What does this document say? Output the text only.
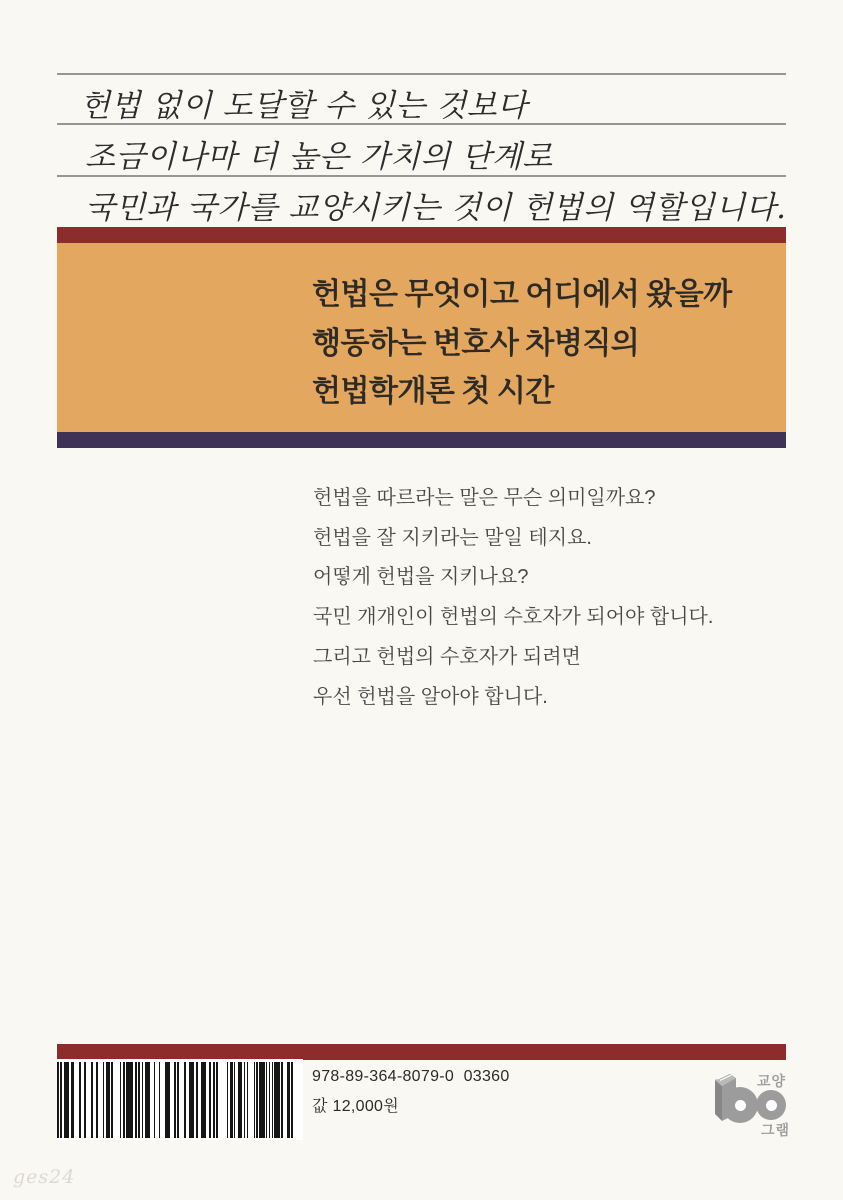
헌법 없이 도달할 수 있는 것보다
조금이나마 더 높은 가치의 단계로
국민과 국가를 교양시키는 것이 헌법의 역할입니다.
헌법은 무엇이고 어디에서 왔을까
행동하는 변호사 차병직의
헌법학개론 첫 시간
헌법을 따르라는 말은 무슨 의미일까요?
헌법을 잘 지키라는 말일 테지요.
어떻게 헌법을 지키나요?
국민 개개인이 헌법의 수호자가 되어야 합니다.
그리고 헌법의 수호자가 되려면
우선 헌법을 알아야 합니다.
978-89-364-8079-0  03360
값 12,000원
교양
그램
ges24
